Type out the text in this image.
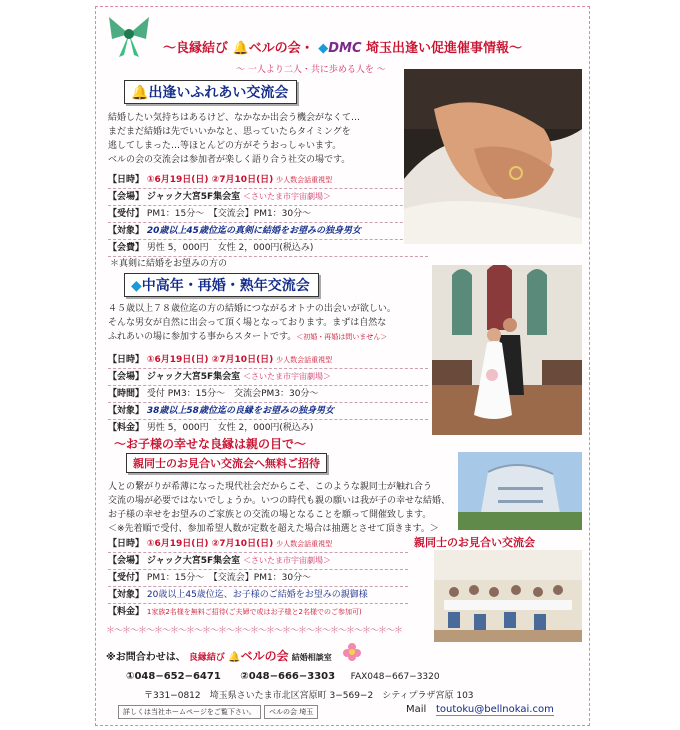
〜良縁結び 🔔ベルの会・ ◆DMC 埼玉出逢い促進催事情報〜
〜 一人より二人・共に歩める人を 〜
🔔出逢いふれあい交流会
結婚したい気持ちはあるけど、なかなか出会う機会がなくて…
まだまだ結婚は先でいいかなと、思っていたらタイミングを
逃してしまった…等ほとんどの方がそうおっしゃいます。
ベルの会の交流会は参加者が楽しく語り合う社交の場です。
【日時】 ①6月19日(日) ②7月10日(日) 少人数会話重視型
【会場】 ジャック大宮5F集会室 ＜さいたま市宇宙劇場＞
【受付】 PM1：15分〜　【交流会】PM1：30分〜
【対象】 20歳以上45歳位迄の真剣に結婚をお望みの独身男女
【会費】 男性 5，000円　女性 2，000円(税込み)
＊真剣に結婚をお望みの方の
◆中高年・再婚・熟年交流会
４５歳以上７８歳位迄の方の結婚につながるオトナの出会いが欲しい。
そんな男女が自然に出会って頂く場となっております。まずは自然な
ふれあいの場に参加する事からスタートです。＜初婚・再婚は問いません＞
【日時】 ①6月19日(日) ②7月10日(日) 少人数会話重視型
【会場】 ジャック大宮5F集会室 ＜さいたま市宇宙劇場＞
【時間】 受付 PM3：15分〜　交流会PM3：30分〜
【対象】 38歳以上58歳位迄の良縁をお望みの独身男女
【料金】 男性 5，000円　女性 2，000円(税込み)
〜お子様の幸せな良縁は親の目で〜
親同士のお見合い交流会へ無料ご招待
人との繋がりが希薄になった現代社会だからこそ、このような親同士が触れ合う
交流の場が必要ではないでしょうか。いつの時代も親の願いは我が子の幸せな結婚、
お子様の幸せをお望みのご家族との交流の場となることを願って開催致します。
＜※先着順で受付、参加希望人数が定数を超えた場合は抽選とさせて頂きます。＞
【日時】 ①6月19日(日) ②7月10日(日) 少人数会話重視型	親同士のお見合い交流会
【会場】 ジャック大宮5F集会室 ＜さいたま市宇宙劇場＞
【受付】 PM1：15分〜　【交流会】PM1：30分〜
【対象】 20歳以上45歳位迄、お子様のご結婚をお望みの親御様
【料金】 1家族2名様を無料ご招待(ご夫婦で或はお子様と2名様でのご参加可)
＊〜＊〜＊〜＊〜＊〜＊〜＊〜＊〜＊〜＊〜＊〜＊〜＊〜＊〜＊〜＊〜＊〜＊〜＊
※お問合わせは、 良縁結び 🔔ベルの会 結婚相談室
①048−652−6471 ②048−666−3303 FAX048−667−3320
〒331−0812　埼玉県さいたま市北区宮原町 3−569−2　シティプラザ宮原 103
詳しくは当社ホームページをご覧下さい。	ベルの会 埼玉	Mail toutoku@bellnokai.com
